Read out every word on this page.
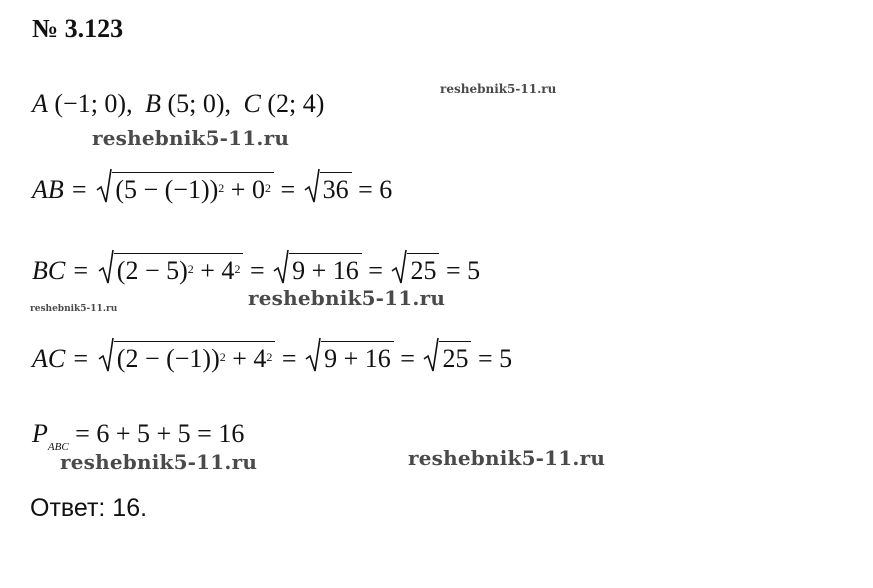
№ 3.123
A (−1; 0), B (5; 0), C (2; 4)
AB = $(5 - (-1))^2 + 0^2 = 36 = 6$
BC = $(2 - 5)^2 + 4^2 = 9 + 16 = 25 = 5$
AC = $(2 - (-1))^2 + 4^2 = 9 + 16 = 25 = 5$
$P_{ABC} = 6 + 5 + 5 = 16$
Ответ: 16.
reshebnik5-11.ru
reshebnik5-11.ru
reshebnik5-11.ru	reshebnik5-11.ru
reshebnik5-11.ru	reshebnik5-11.ru
